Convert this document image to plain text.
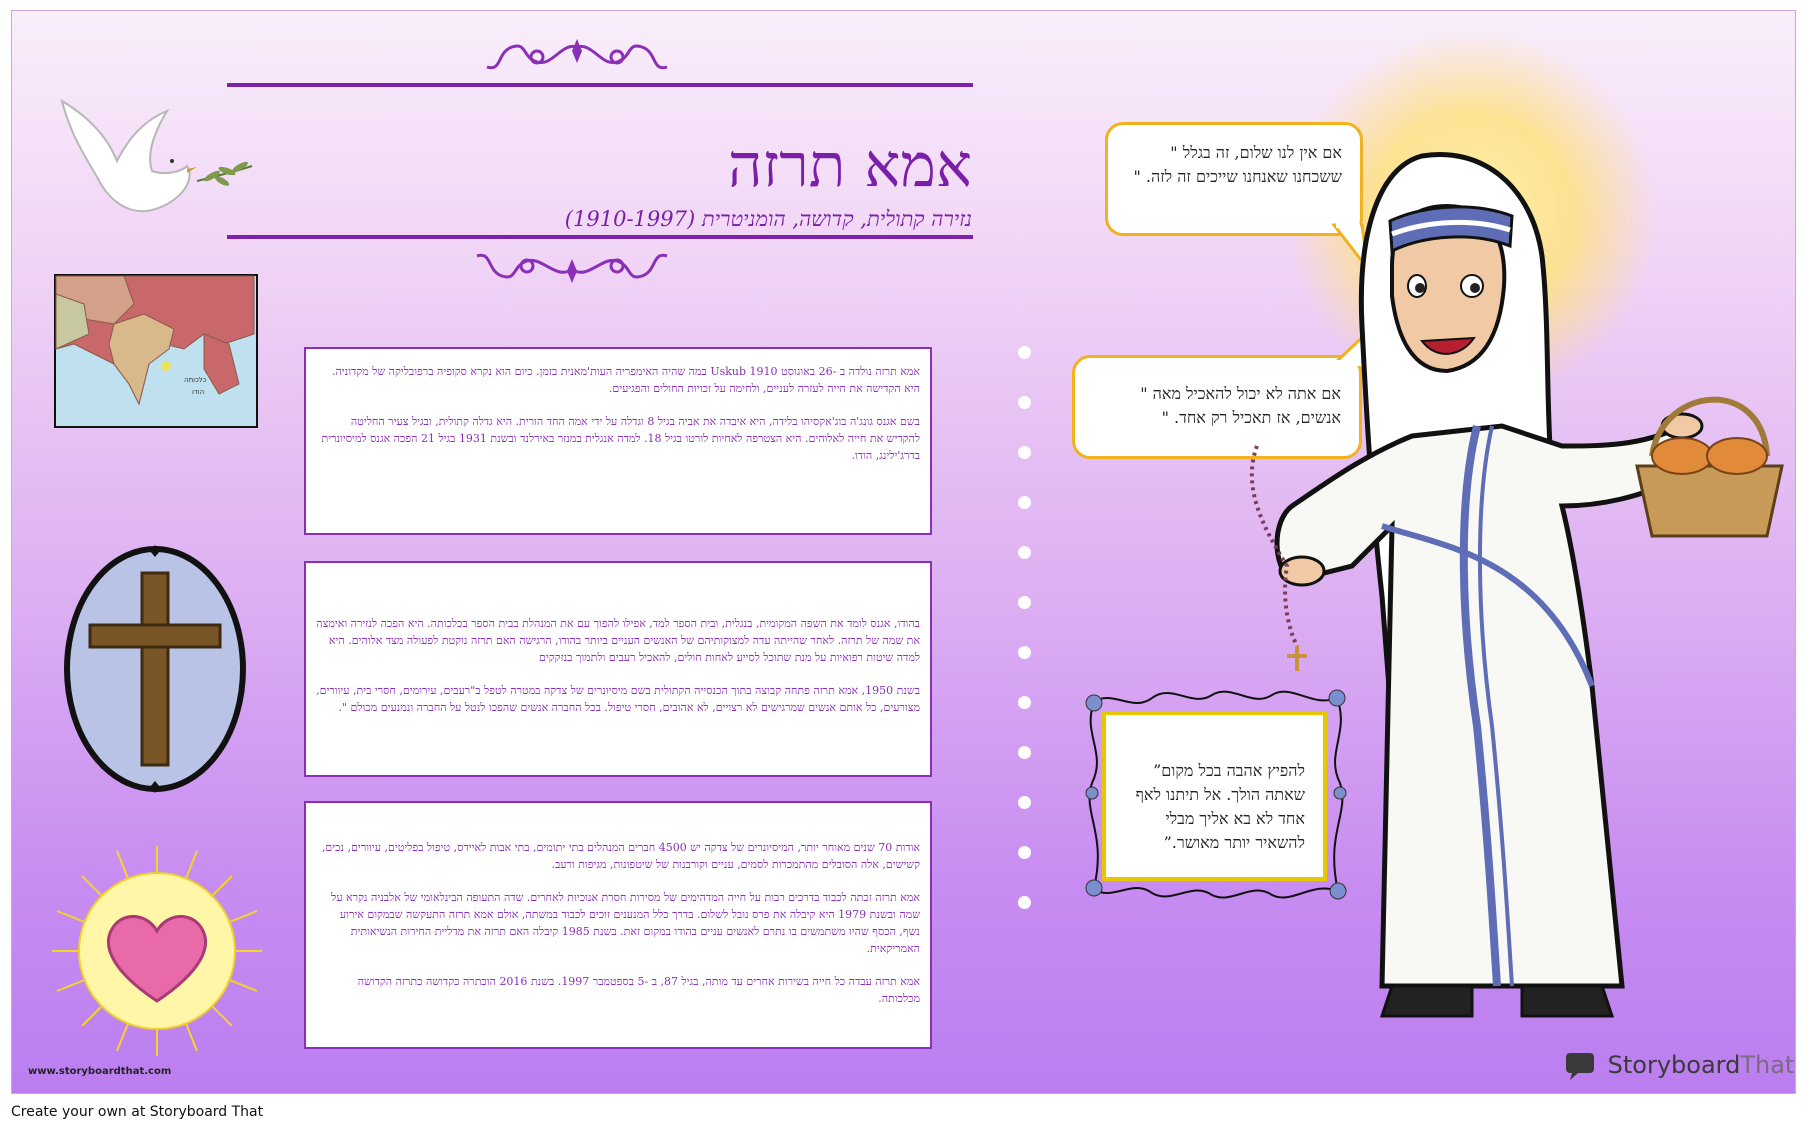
אמא תרזה
נזירה קתולית, קדושה, הומניטרית (1910-1997)
כלכותה
הודו

אמא תרזה נולדה ב -26 באוגוסט 1910 Uskub במה שהיה האימפריה העות'מאנית בזמן. כיום הוא נקרא סקופיה ברפובליקה של מקדוניה. היא הקדישה את חייה לעזרה לעניים, ולחימה על זכויות החולים והפגיעים.

בשם אגנס גונג'ה בוג'אקסיהו בלידה, היא איבדה את אביה בגיל 8 וגדלה על ידי אמה החד הורית. היא גדלה קתולית, ובגיל צעיר החליטה להקדיש את חייה לאלוהים. היא הצטרפה לאחיות לורטו בגיל 18. למדה אנגלית במנזר באירלנד ובשנת 1931 בגיל 21 הפכה אגנס למיסיונרית בדרג'ילינג, הודו.

בהודו, אגנס לומד את השפה המקומית, בנגלית, ובית הספר למד, אפילו להפוך עם את המנהלת בבית הספר בכלכותה. היא הפכה לנזירה ואימצה את שמה של תרזה. לאחר שהייתה עדה למצוקותיהם של האנשים העניים ביותר בהודו, הרגישה האם תרזה נוקטת לפעולה מצד אלוהים. היא למדה שיטות רפואיות על מנת שתוכל לסייע לאחות חולים, להאכיל רעבים ולתמוך בנזקקים

בשנת 1950, אמא תרזה פתחה קבוצה בתוך הכנסייה הקתולית בשם מיסיונרים של צדקה במטרה לטפל ב"רעבים, עירומים, חסרי בית, עיוורים, מצורעים, כל אותם אנשים שמרגישים לא רצויים, לא אהובים, חסרי טיפול. בכל החברה אנשים שהפכו לנטל על החברה ונמנעים מכולם ".

אודות 70 שנים מאוחר יותר, המיסיונרים של צדקה יש 4500 חברים המנהלים בתי יתומים, בתי אבות לאיידס, טיפול בפליטים, עיוורים, נכים, קשישים, אלה הסובלים מהתמכרות לסמים, עניים וקורבנות של שיטפונות, מגיפות ורעב.

אמא תרזה זכתה לכבוד בדרכים רבות על חייה המדהימים של מסירות חסרת אנוכיות לאחרים. שדה התעופה הבינלאומי של אלבניה נקרא על שמה ובשנת 1979 היא קיבלה את פרס נובל לשלום. בדרך כלל המנענים זוכים לכבוד במשתה, אולם אמא תרזה התעקשה שבמקום אירוע נשף, הכסף שהיו משתמשים בו נתרם לאנשים עניים בהודו במקום זאת. בשנת 1985 קיבלה האם תרזה את מדליית החירות הנשיאותית האמריקאית.

אמא תרזה עבדה כל חייה בשירות אחרים עד מותה, בגיל 87, ב -5 בספטמבר 1997. בשנת 2016 הוכתרה כקדושה כתרזה הקדושה מכלכותה.

אם אין לנו שלום, זה בגלל " ששכחנו שאנחנו שייכים זה לזה. "
אם אתה לא יכול להאכיל מאה " אנשים, אז תאכיל רק אחד. "
להפיץ אהבה בכל מקום” שאתה הולך. אל תיתנו לאף אחד לא בא אליך מבלי להשאיר יותר מאושר.”
www.storyboardthat.com	StoryboardThat
Create your own at Storyboard That
